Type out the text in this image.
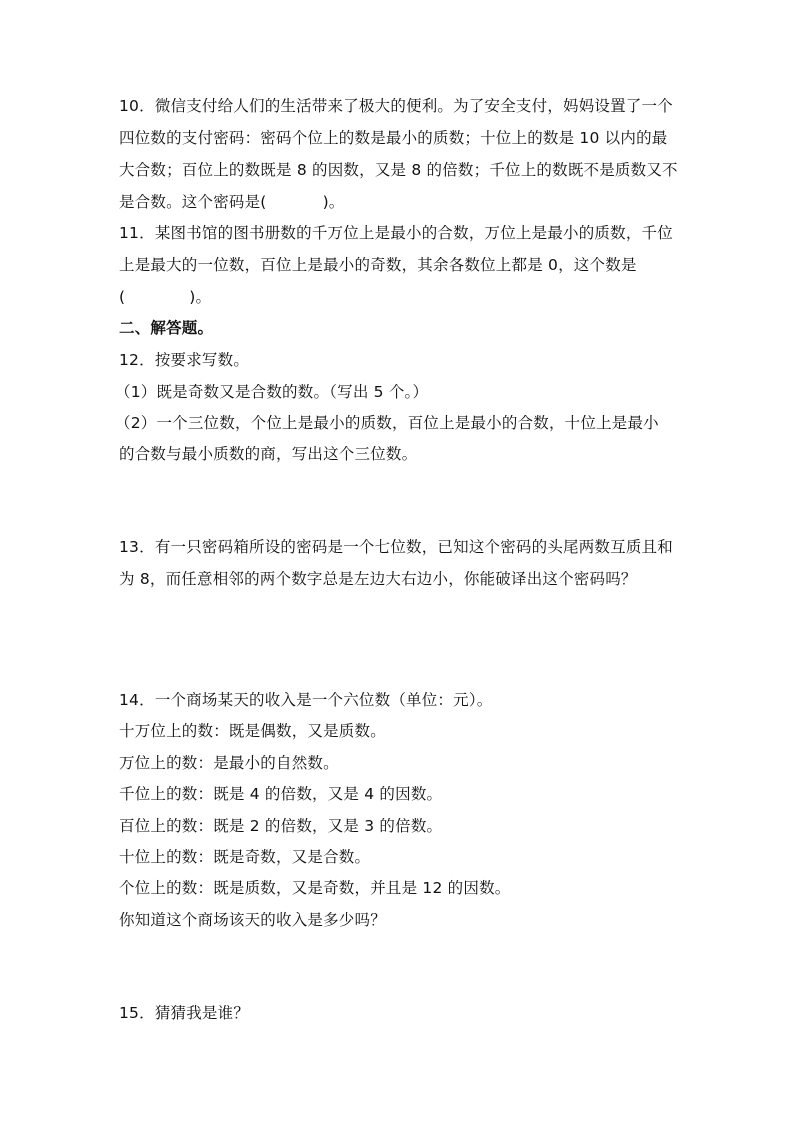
10．微信支付给人们的生活带来了极大的便利。为了安全支付，妈妈设置了一个
四位数的支付密码：密码个位上的数是最小的质数；十位上的数是 10 以内的最
大合数；百位上的数既是 8 的因数，又是 8 的倍数；千位上的数既不是质数又不
是合数。这个密码是(	)。
11．某图书馆的图书册数的千万位上是最小的合数，万位上是最小的质数，千位
上是最大的一位数，百位上是最小的奇数，其余各数位上都是 0，这个数是
(	)。
二、解答题。
12．按要求写数。
（1）既是奇数又是合数的数。（写出 5 个。）
（2）一个三位数，个位上是最小的质数，百位上是最小的合数，十位上是最小
的合数与最小质数的商，写出这个三位数。
13．有一只密码箱所设的密码是一个七位数，已知这个密码的头尾两数互质且和
为 8，而任意相邻的两个数字总是左边大右边小，你能破译出这个密码吗？
14．一个商场某天的收入是一个六位数（单位：元）。
十万位上的数：既是偶数，又是质数。
万位上的数：是最小的自然数。
千位上的数：既是 4 的倍数，又是 4 的因数。
百位上的数：既是 2 的倍数，又是 3 的倍数。
十位上的数：既是奇数，又是合数。
个位上的数：既是质数，又是奇数，并且是 12 的因数。
你知道这个商场该天的收入是多少吗？
15．猜猜我是谁？
